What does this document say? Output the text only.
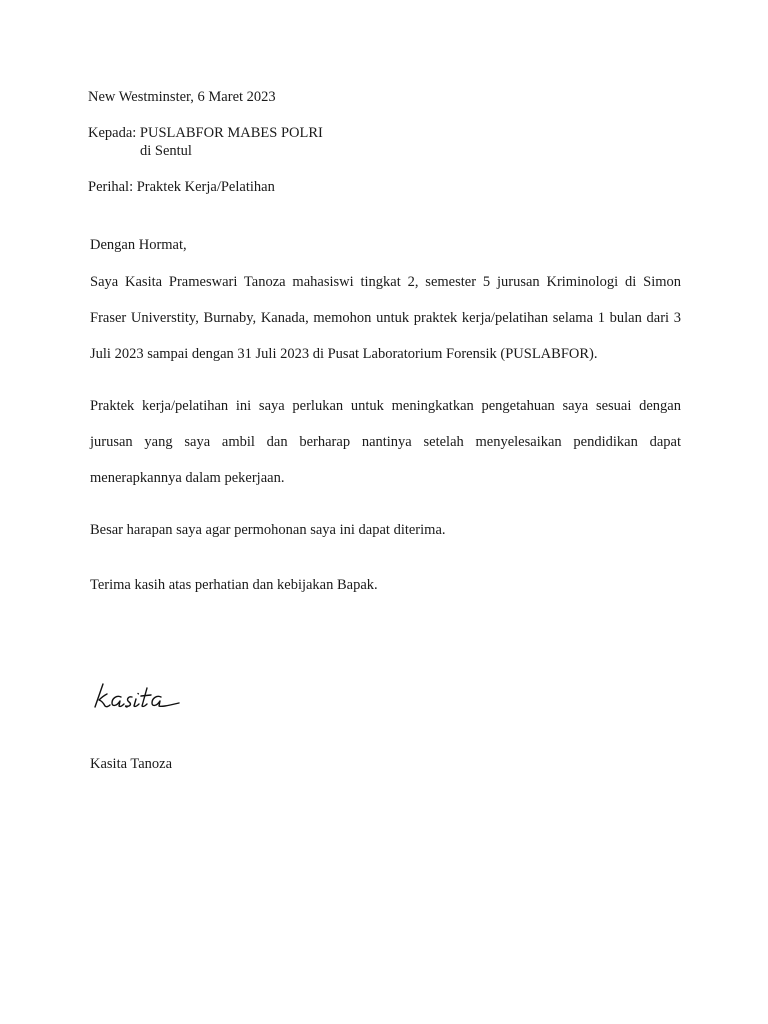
New Westminster, 6 Maret 2023
Kepada: PUSLABFOR MABES POLRI
di Sentul
Perihal: Praktek Kerja/Pelatihan
Dengan Hormat,
Saya Kasita Prameswari Tanoza mahasiswi tingkat 2, semester 5 jurusan Kriminologi di Simon Fraser Universtity, Burnaby, Kanada, memohon untuk praktek kerja/pelatihan selama 1 bulan dari 3 Juli 2023 sampai dengan 31 Juli 2023 di Pusat Laboratorium Forensik (PUSLABFOR).
Praktek kerja/pelatihan ini saya perlukan untuk meningkatkan pengetahuan saya sesuai dengan jurusan yang saya ambil dan berharap nantinya setelah menyelesaikan pendidikan dapat menerapkannya dalam pekerjaan.
Besar harapan saya agar permohonan saya ini dapat diterima.
Terima kasih atas perhatian dan kebijakan Bapak.
Kasita Tanoza
